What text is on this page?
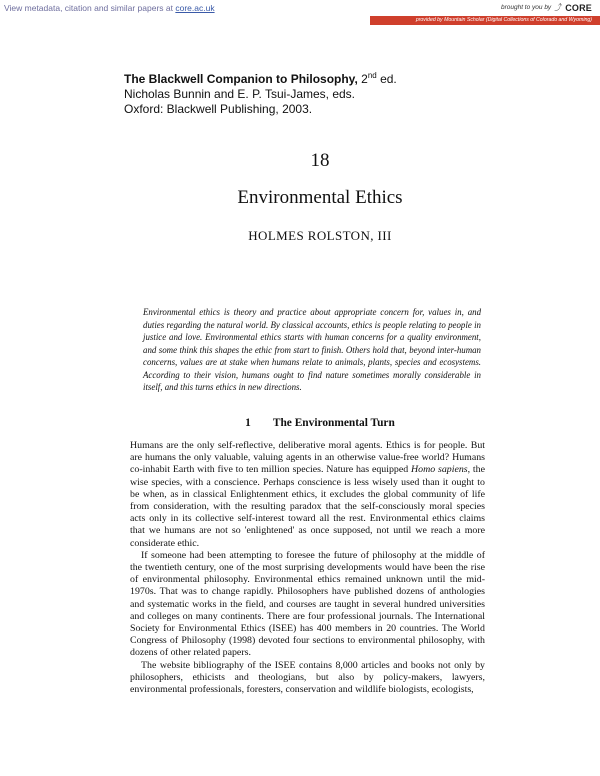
View metadata, citation and similar papers at core.ac.uk	brought to you by ⤴ CORE
provided by Mountain Scholar (Digital Collections of Colorado and Wyoming)
The Blackwell Companion to Philosophy, 2nd ed.
Nicholas Bunnin and E. P. Tsui-James, eds.
Oxford: Blackwell Publishing, 2003.
18
Environmental Ethics
HOLMES ROLSTON, III
Environmental ethics is theory and practice about appropriate concern for, values in, and duties regarding the natural world. By classical accounts, ethics is people relating to people in justice and love. Environmental ethics starts with human concerns for a quality environment, and some think this shapes the ethic from start to finish. Others hold that, beyond inter-human concerns, values are at stake when humans relate to animals, plants, species and ecosystems. According to their vision, humans ought to find nature sometimes morally considerable in itself, and this turns ethics in new directions.
1 The Environmental Turn

Humans are the only self-reflective, deliberative moral agents. Ethics is for people. But are humans the only valuable, valuing agents in an otherwise value-free world? Humans co-inhabit Earth with five to ten million species. Nature has equipped Homo sapiens, the wise species, with a conscience. Perhaps conscience is less wisely used than it ought to be when, as in classical Enlightenment ethics, it excludes the global community of life from consideration, with the resulting paradox that the self-consciously moral species acts only in its collective self-interest toward all the rest. Environmental ethics claims that we humans are not so 'enlightened' as once supposed, not until we reach a more considerate ethic.

If someone had been attempting to foresee the future of philosophy at the middle of the twentieth century, one of the most surprising developments would have been the rise of environmental philosophy. Environmental ethics remained unknown until the mid-1970s. That was to change rapidly. Philosophers have published dozens of anthologies and systematic works in the field, and courses are taught in several hundred universities and colleges on many continents. There are four professional journals. The International Society for Environmental Ethics (ISEE) has 400 members in 20 countries. The World Congress of Philosophy (1998) devoted four sections to environmental philosophy, with dozens of other related papers.

The website bibliography of the ISEE contains 8,000 articles and books not only by philosophers, ethicists and theologians, but also by policy-makers, lawyers, environmental professionals, foresters, conservation and wildlife biologists, ecologists,
